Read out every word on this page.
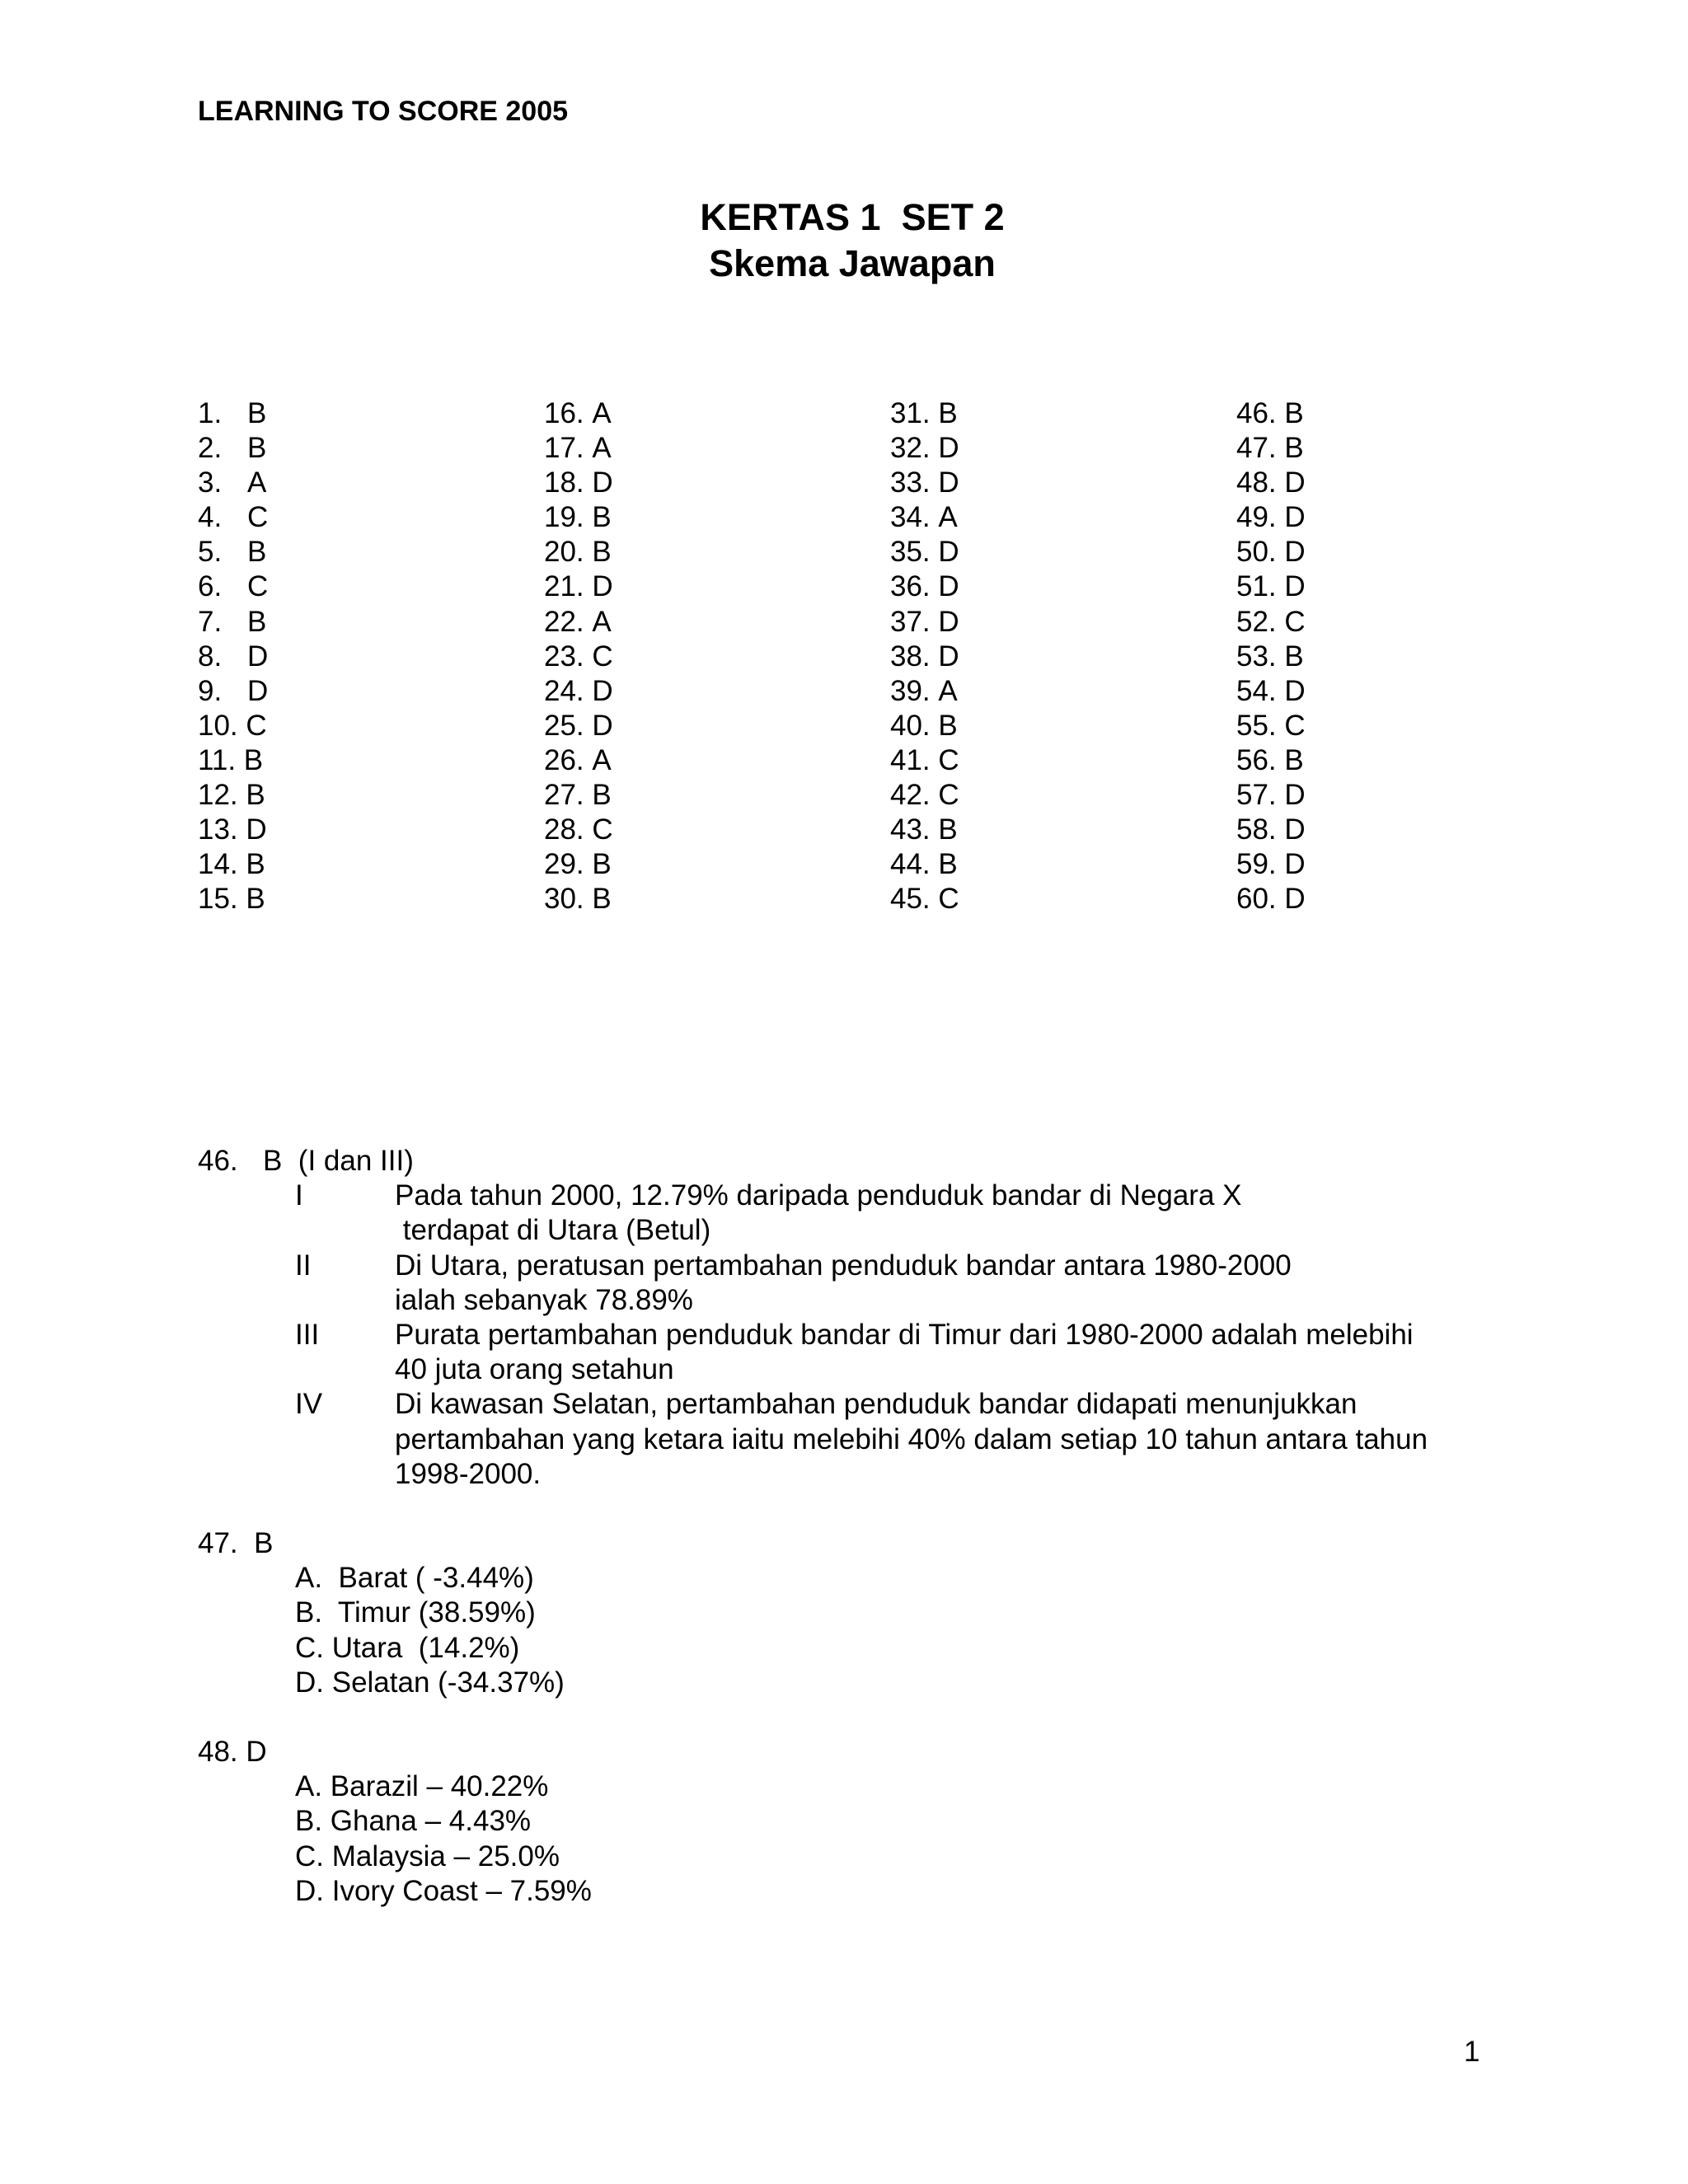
LEARNING TO SCORE 2005
KERTAS 1  SET 2
Skema Jawapan
1. B
2. B
3. A
4. C
5. B
6. C
7. B
8. D
9. D
10. C
11. B
12. B
13. D
14. B
15. B
16. A
17. A
18. D
19. B
20. B
21. D
22. A
23. C
24. D
25. D
26. A
27. B
28. C
29. B
30. B
31. B
32. D
33. D
34. A
35. D
36. D
37. D
38. D
39. A
40. B
41. C
42. C
43. B
44. B
45. C
46. B
47. B
48. D
49. D
50. D
51. D
52. C
53. B
54. D
55. C
56. B
57. D
58. D
59. D
60. D
46. B  (I dan III)
I	Pada tahun 2000, 12.79% daripada penduduk bandar di Negara X
terdapat di Utara (Betul)
II	Di Utara, peratusan pertambahan penduduk bandar antara 1980-2000
ialah sebanyak 78.89%
III	Purata pertambahan penduduk bandar di Timur dari 1980-2000 adalah melebihi
40 juta orang setahun
IV	Di kawasan Selatan, pertambahan penduduk bandar didapati menunjukkan
pertambahan yang ketara iaitu melebihi 40% dalam setiap 10 tahun antara tahun
1998-2000.
47.  B
A.  Barat ( -3.44%)
B.  Timur (38.59%)
C. Utara  (14.2%)
D. Selatan (-34.37%)
48. D
A. Barazil – 40.22%
B. Ghana – 4.43%
C. Malaysia – 25.0%
D. Ivory Coast – 7.59%
1
